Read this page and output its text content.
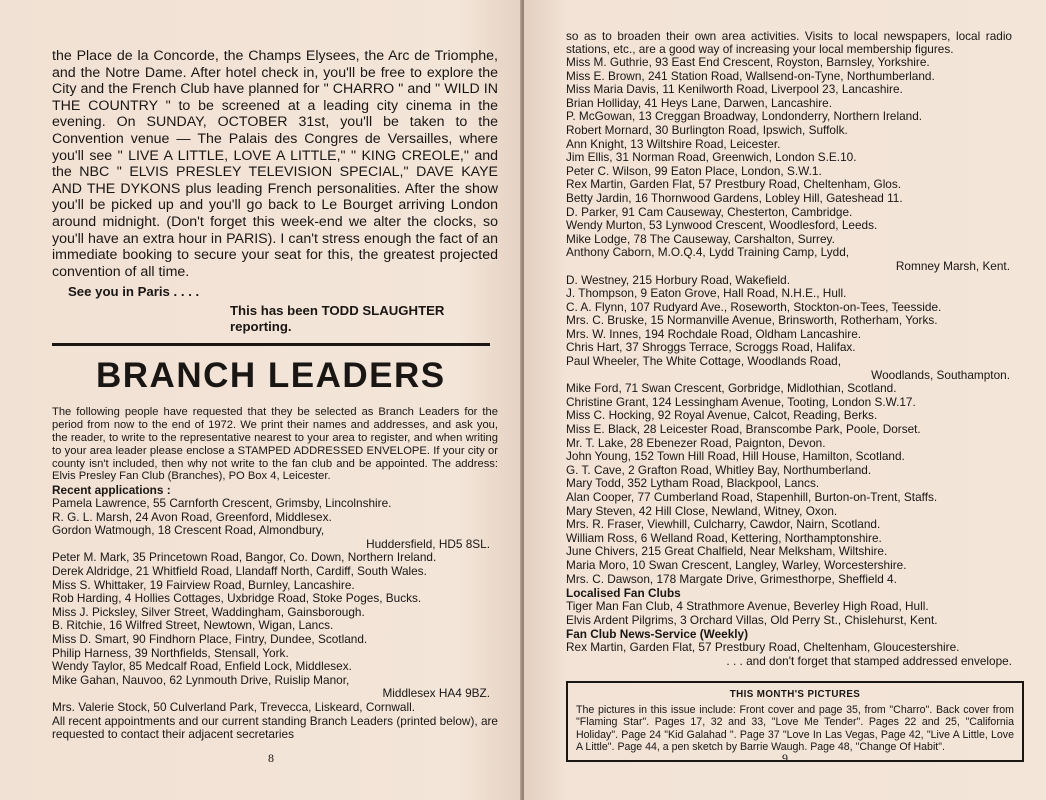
the Place de la Concorde, the Champs Elysees, the Arc de Triomphe, and the Notre Dame. After hotel check in, you'll be free to explore the City and the French Club have planned for " CHARRO " and " WILD IN THE COUNTRY " to be screened at a leading city cinema in the evening. On SUNDAY, OCTOBER 31st, you'll be taken to the Convention venue — The Palais des Congres de Versailles, where you'll see " LIVE A LITTLE, LOVE A LITTLE," " KING CREOLE," and the NBC " ELVIS PRESLEY TELEVISION SPECIAL," DAVE KAYE AND THE DYKONS plus leading French personalities. After the show you'll be picked up and you'll go back to Le Bourget arriving London around midnight. (Don't forget this week-end we alter the clocks, so you'll have an extra hour in PARIS). I can't stress enough the fact of an immediate booking to secure your seat for this, the greatest projected convention of all time.

See you in Paris . . . .
This has been TODD SLAUGHTER reporting.
BRANCH LEADERS

The following people have requested that they be selected as Branch Leaders for the period from now to the end of 1972. We print their names and addresses, and ask you, the reader, to write to the representative nearest to your area to register, and when writing to your area leader please enclose a STAMPED ADDRESSED ENVELOPE. If your city or county isn't included, then why not write to the fan club and be appointed. The address: Elvis Presley Fan Club (Branches), PO Box 4, Leicester.

Recent applications :
Pamela Lawrence, 55 Carnforth Crescent, Grimsby, Lincolnshire.
R. G. L. Marsh, 24 Avon Road, Greenford, Middlesex.
Gordon Watmough, 18 Crescent Road, Almondbury,
Huddersfield, HD5 8SL.
Peter M. Mark, 35 Princetown Road, Bangor, Co. Down, Northern Ireland.
Derek Aldridge, 21 Whitfield Road, Llandaff North, Cardiff, South Wales.
Miss S. Whittaker, 19 Fairview Road, Burnley, Lancashire.
Rob Harding, 4 Hollies Cottages, Uxbridge Road, Stoke Poges, Bucks.
Miss J. Picksley, Silver Street, Waddingham, Gainsborough.
B. Ritchie, 16 Wilfred Street, Newtown, Wigan, Lancs.
Miss D. Smart, 90 Findhorn Place, Fintry, Dundee, Scotland.
Philip Harness, 39 Northfields, Stensall, York.
Wendy Taylor, 85 Medcalf Road, Enfield Lock, Middlesex.
Mike Gahan, Nauvoo, 62 Lynmouth Drive, Ruislip Manor,
Middlesex HA4 9BZ.
Mrs. Valerie Stock, 50 Culverland Park, Trevecca, Liskeard, Cornwall.

All recent appointments and our current standing Branch Leaders (printed below), are requested to contact their adjacent secretaries

8

so as to broaden their own area activities. Visits to local newspapers, local radio stations, etc., are a good way of increasing your local membership figures.

Miss M. Guthrie, 93 East End Crescent, Royston, Barnsley, Yorkshire.
Miss E. Brown, 241 Station Road, Wallsend-on-Tyne, Northumberland.
Miss Maria Davis, 11 Kenilworth Road, Liverpool 23, Lancashire.
Brian Holliday, 41 Heys Lane, Darwen, Lancashire.
P. McGowan, 13 Creggan Broadway, Londonderry, Northern Ireland.
Robert Mornard, 30 Burlington Road, Ipswich, Suffolk.
Ann Knight, 13 Wiltshire Road, Leicester.
Jim Ellis, 31 Norman Road, Greenwich, London S.E.10.
Peter C. Wilson, 99 Eaton Place, London, S.W.1.
Rex Martin, Garden Flat, 57 Prestbury Road, Cheltenham, Glos.
Betty Jardin, 16 Thornwood Gardens, Lobley Hill, Gateshead 11.
D. Parker, 91 Cam Causeway, Chesterton, Cambridge.
Wendy Murton, 53 Lynwood Crescent, Woodlesford, Leeds.
Mike Lodge, 78 The Causeway, Carshalton, Surrey.
Anthony Caborn, M.O.Q.4, Lydd Training Camp, Lydd,
Romney Marsh, Kent.
D. Westney, 215 Horbury Road, Wakefield.
J. Thompson, 9 Eaton Grove, Hall Road, N.H.E., Hull.
C. A. Flynn, 107 Rudyard Ave., Roseworth, Stockton-on-Tees, Teesside.
Mrs. C. Bruske, 15 Normanville Avenue, Brinsworth, Rotherham, Yorks.
Mrs. W. Innes, 194 Rochdale Road, Oldham Lancashire.
Chris Hart, 37 Shroggs Terrace, Scroggs Road, Halifax.
Paul Wheeler, The White Cottage, Woodlands Road,
Woodlands, Southampton.
Mike Ford, 71 Swan Crescent, Gorbridge, Midlothian, Scotland.
Christine Grant, 124 Lessingham Avenue, Tooting, London S.W.17.
Miss C. Hocking, 92 Royal Avenue, Calcot, Reading, Berks.
Miss E. Black, 28 Leicester Road, Branscombe Park, Poole, Dorset.
Mr. T. Lake, 28 Ebenezer Road, Paignton, Devon.
John Young, 152 Town Hill Road, Hill House, Hamilton, Scotland.
G. T. Cave, 2 Grafton Road, Whitley Bay, Northumberland.
Mary Todd, 352 Lytham Road, Blackpool, Lancs.
Alan Cooper, 77 Cumberland Road, Stapenhill, Burton-on-Trent, Staffs.
Mary Steven, 42 Hill Close, Newland, Witney, Oxon.
Mrs. R. Fraser, Viewhill, Culcharry, Cawdor, Nairn, Scotland.
William Ross, 6 Welland Road, Kettering, Northamptonshire.
June Chivers, 215 Great Chalfield, Near Melksham, Wiltshire.
Maria Moro, 10 Swan Crescent, Langley, Warley, Worcestershire.
Mrs. C. Dawson, 178 Margate Drive, Grimesthorpe, Sheffield 4.
Localised Fan Clubs
Tiger Man Fan Club, 4 Strathmore Avenue, Beverley High Road, Hull.
Elvis Ardent Pilgrims, 3 Orchard Villas, Old Perry St., Chislehurst, Kent.
Fan Club News-Service (Weekly)
Rex Martin, Garden Flat, 57 Prestbury Road, Cheltenham, Gloucestershire.

. . . and don't forget that stamped addressed envelope.

THIS MONTH'S PICTURES

The pictures in this issue include: Front cover and page 35, from "Charro". Back cover from "Flaming Star". Pages 17, 32 and 33, "Love Me Tender". Pages 22 and 25, "California Holiday". Page 24 "Kid Galahad ". Page 37 "Love In Las Vegas, Page 42, "Live A Little, Love A Little". Page 44, a pen sketch by Barrie Waugh. Page 48, "Change Of Habit".

9
